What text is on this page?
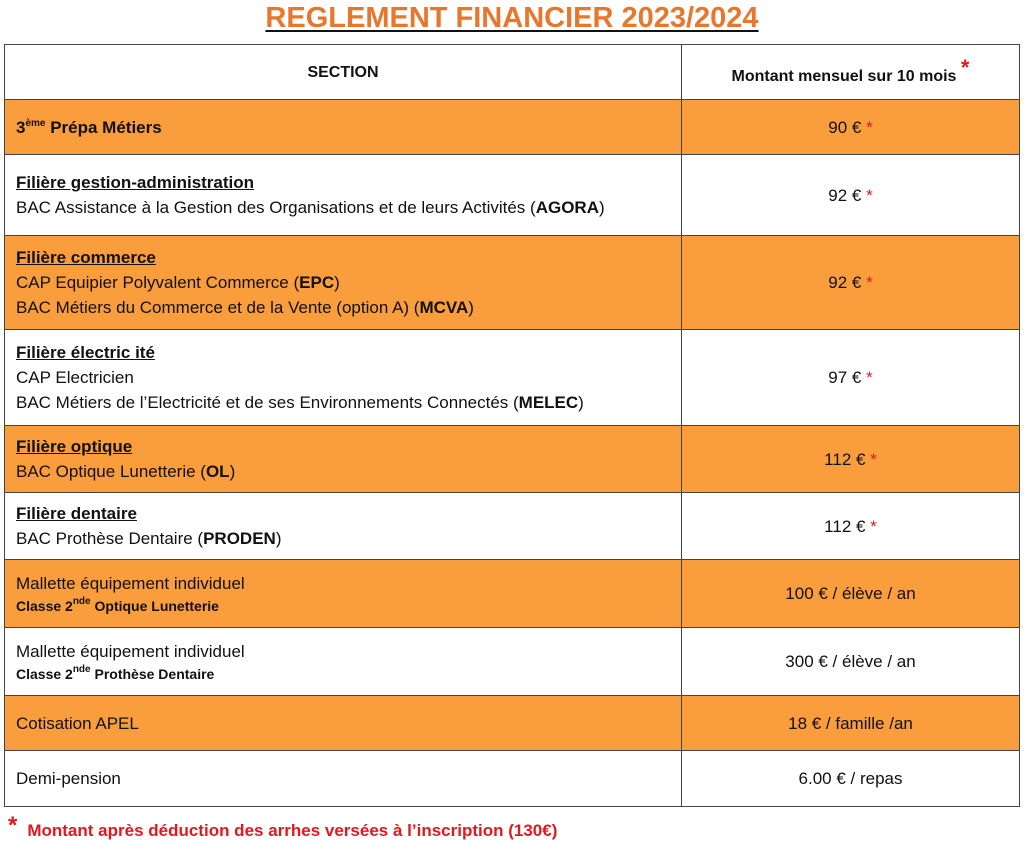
REGLEMENT FINANCIER 2023/2024
SECTION	Montant mensuel sur 10 mois *
3ème Prépa Métiers	90 € *

Filière gestion-administration
BAC Assistance à la Gestion des Organisations et de leurs Activités (AGORA)	92 € *

Filière commerce
CAP Equipier Polyvalent Commerce (EPC)
BAC Métiers du Commerce et de la Vente (option A) (MCVA)	92 € *

Filière électric ité
CAP Electricien
BAC Métiers de l’Electricité et de ses Environnements Connectés (MELEC)	97 € *

Filière optique
BAC Optique Lunetterie (OL)	112 € *

Filière dentaire
BAC Prothèse Dentaire (PRODEN)	112 € *

Mallette équipement individuel
Classe 2nde Optique Lunetterie	100 € / élève / an

Mallette équipement individuel
Classe 2nde Prothèse Dentaire	300 € / élève / an
Cotisation APEL	18 € / famille /an
Demi-pension	6.00 € / repas
* Montant après déduction des arrhes versées à l’inscription (130€)
